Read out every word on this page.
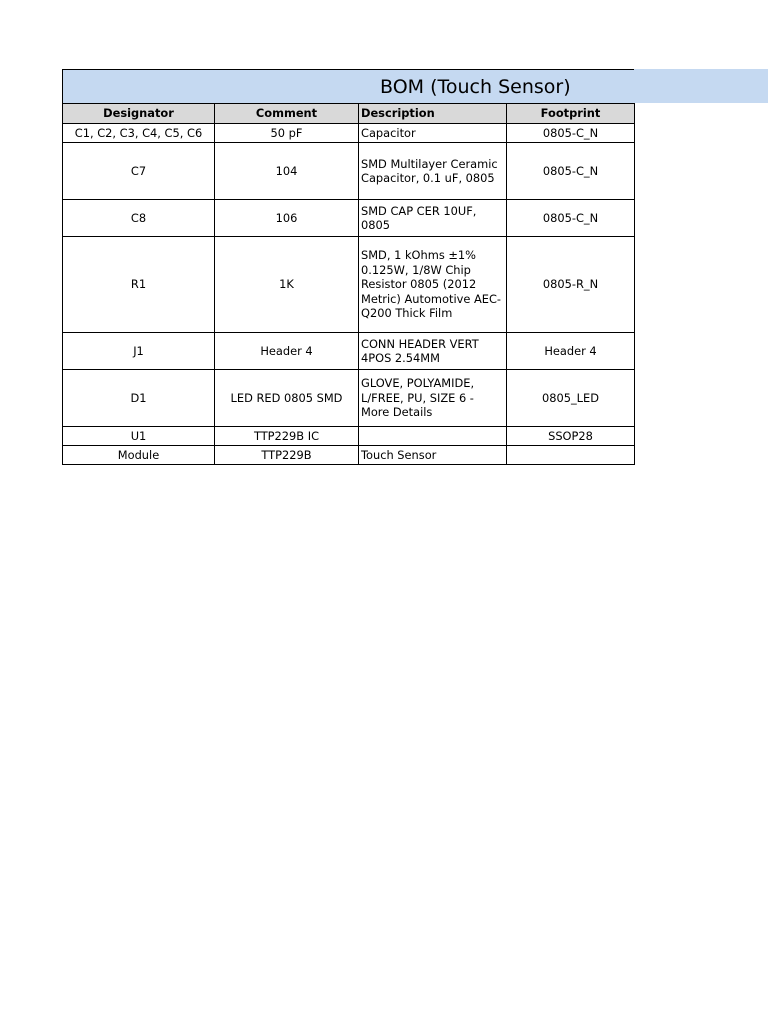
BOM (Touch Sensor)
Designator	Comment	Description	Footprint
C1, C2, C3, C4, C5, C6	50 pF	Capacitor	0805-C_N
C7	104	SMD Multilayer Ceramic Capacitor, 0.1 uF, 0805	0805-C_N
C8	106	SMD CAP CER 10UF, 0805	0805-C_N
R1	1K	SMD, 1 kOhms ±1% 0.125W, 1/8W Chip Resistor 0805 (2012 Metric) Automotive AEC-Q200 Thick Film	0805-R_N
J1	Header 4	CONN HEADER VERT 4POS 2.54MM	Header 4
D1	LED RED 0805 SMD	GLOVE, POLYAMIDE, L/FREE, PU, SIZE 6 - More Details	0805_LED
U1	TTP229B IC		SSOP28
Module	TTP229B	Touch Sensor	
